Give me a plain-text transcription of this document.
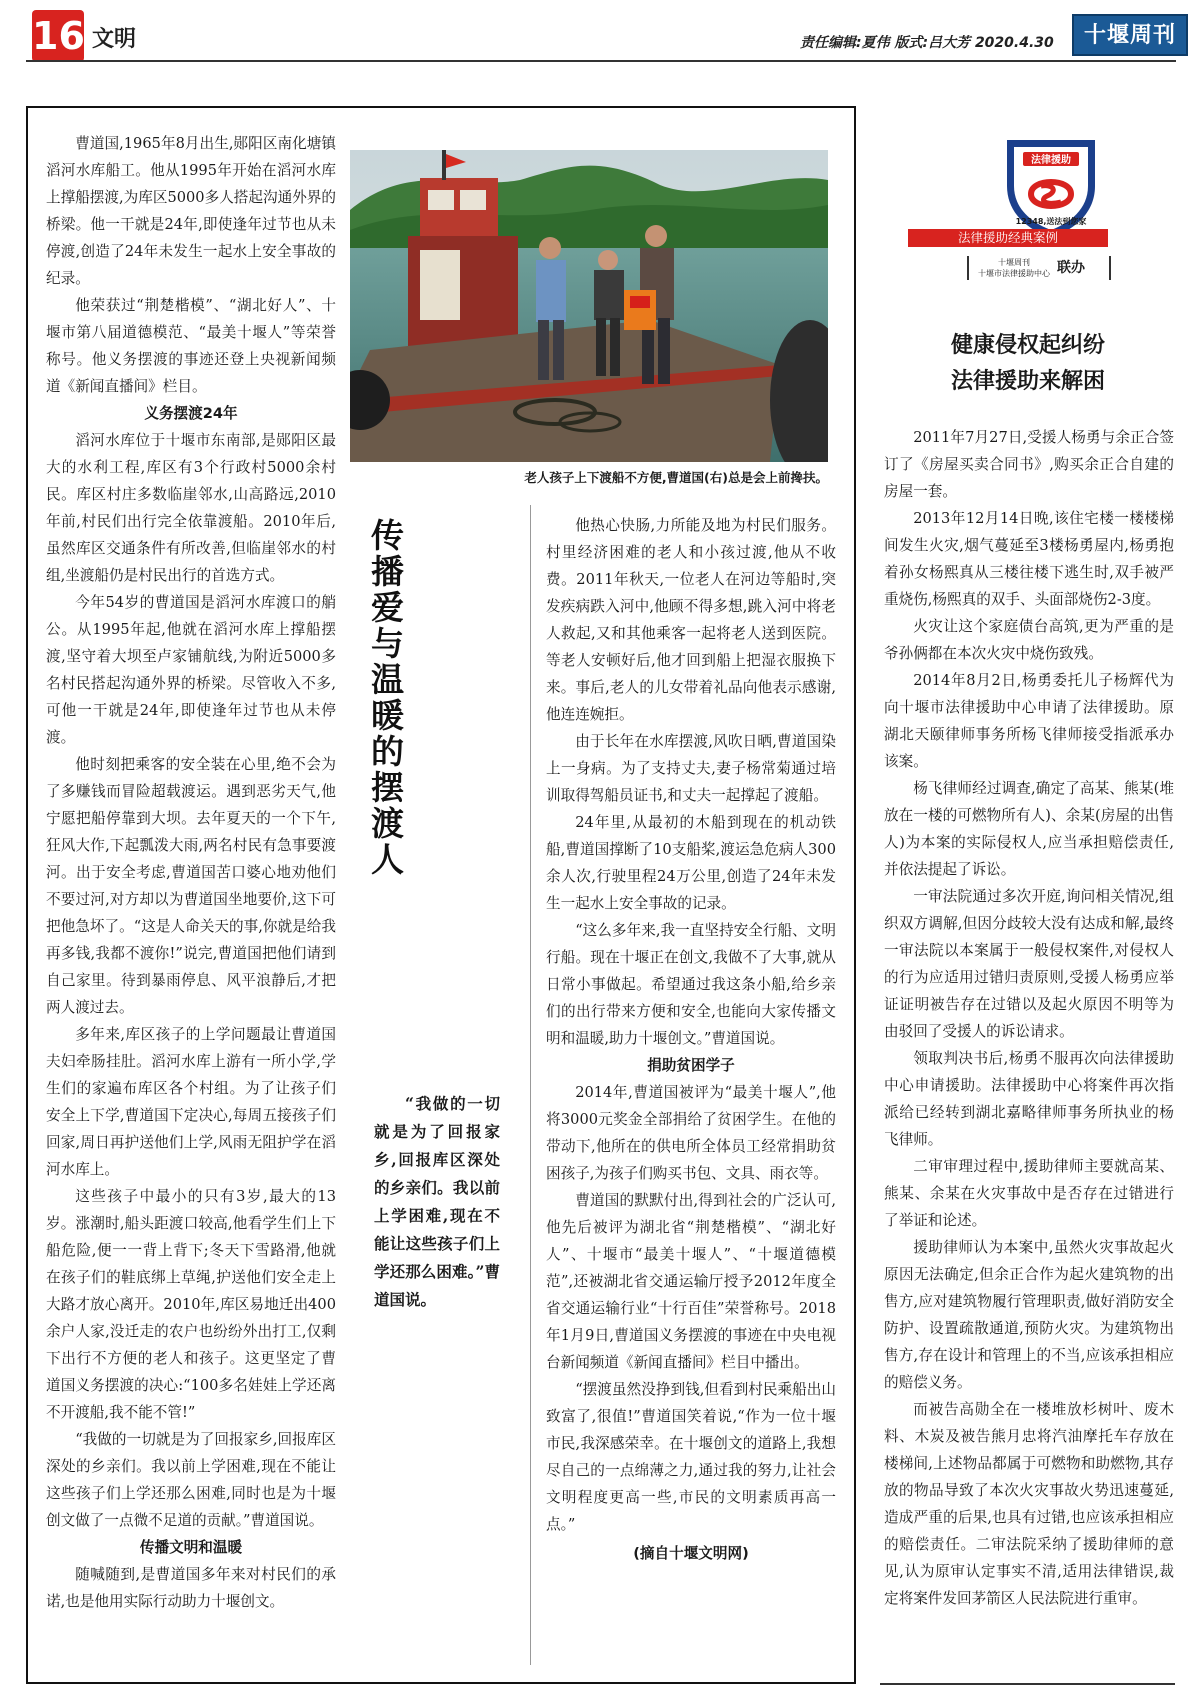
16 文明	责任编辑:夏伟 版式:吕大芳 2020.4.30	十堰周刊

曹道国,1965年8月出生,郧阳区南化塘镇滔河水库船工。他从1995年开始在滔河水库上撑船摆渡,为库区5000多人搭起沟通外界的桥梁。他一干就是24年,即使逢年过节也从未停渡,创造了24年未发生一起水上安全事故的纪录。

他荣获过“荆楚楷模”、“湖北好人”、十堰市第八届道德模范、“最美十堰人”等荣誉称号。他义务摆渡的事迹还登上央视新闻频道《新闻直播间》栏目。

义务摆渡24年

滔河水库位于十堰市东南部,是郧阳区最大的水利工程,库区有3个行政村5000余村民。库区村庄多数临崖邻水,山高路远,2010年前,村民们出行完全依靠渡船。2010年后,虽然库区交通条件有所改善,但临崖邻水的村组,坐渡船仍是村民出行的首选方式。

今年54岁的曹道国是滔河水库渡口的艄公。从1995年起,他就在滔河水库上撑船摆渡,坚守着大坝至卢家铺航线,为附近5000多名村民搭起沟通外界的桥梁。尽管收入不多,可他一干就是24年,即使逢年过节也从未停渡。

他时刻把乘客的安全装在心里,绝不会为了多赚钱而冒险超载渡运。遇到恶劣天气,他宁愿把船停靠到大坝。去年夏天的一个下午,狂风大作,下起瓢泼大雨,两名村民有急事要渡河。出于安全考虑,曹道国苦口婆心地劝他们不要过河,对方却以为曹道国坐地要价,这下可把他急坏了。“这是人命关天的事,你就是给我再多钱,我都不渡你!”说完,曹道国把他们请到自己家里。待到暴雨停息、风平浪静后,才把两人渡过去。

多年来,库区孩子的上学问题最让曹道国夫妇牵肠挂肚。滔河水库上游有一所小学,学生们的家遍布库区各个村组。为了让孩子们安全上下学,曹道国下定决心,每周五接孩子们回家,周日再护送他们上学,风雨无阻护学在滔河水库上。

这些孩子中最小的只有3岁,最大的13岁。涨潮时,船头距渡口较高,他看学生们上下船危险,便一一背上背下;冬天下雪路滑,他就在孩子们的鞋底绑上草绳,护送他们安全走上大路才放心离开。2010年,库区易地迁出400余户人家,没迁走的农户也纷纷外出打工,仅剩下出行不方便的老人和孩子。这更坚定了曹道国义务摆渡的决心:“100多名娃娃上学还离不开渡船,我不能不管!”

“我做的一切就是为了回报家乡,回报库区深处的乡亲们。我以前上学困难,现在不能让这些孩子们上学还那么困难,同时也是为十堰创文做了一点微不足道的贡献。”曹道国说。

传播文明和温暖

随喊随到,是曹道国多年来对村民们的承诺,也是他用实际行动助力十堰创文。

老人孩子上下渡船不方便,曹道国(右)总是会上前搀扶。
传播爱与温暖的摆渡人

“我做的一切就是为了回报家乡,回报库区深处的乡亲们。我以前上学困难,现在不能让这些孩子们上学还那么困难。”曹道国说。

他热心快肠,力所能及地为村民们服务。村里经济困难的老人和小孩过渡,他从不收费。2011年秋天,一位老人在河边等船时,突发疾病跌入河中,他顾不得多想,跳入河中将老人救起,又和其他乘客一起将老人送到医院。等老人安顿好后,他才回到船上把湿衣服换下来。事后,老人的儿女带着礼品向他表示感谢,他连连婉拒。

由于长年在水库摆渡,风吹日晒,曹道国染上一身病。为了支持丈夫,妻子杨常菊通过培训取得驾船员证书,和丈夫一起撑起了渡船。

24年里,从最初的木船到现在的机动铁船,曹道国撑断了10支船桨,渡运急危病人300余人次,行驶里程24万公里,创造了24年未发生一起水上安全事故的记录。

“这么多年来,我一直坚持安全行船、文明行船。现在十堰正在创文,我做不了大事,就从日常小事做起。希望通过我这条小船,给乡亲们的出行带来方便和安全,也能向大家传播文明和温暖,助力十堰创文。”曹道国说。

捐助贫困学子

2014年,曹道国被评为“最美十堰人”,他将3000元奖金全部捐给了贫困学生。在他的带动下,他所在的供电所全体员工经常捐助贫困孩子,为孩子们购买书包、文具、雨衣等。

曹道国的默默付出,得到社会的广泛认可,他先后被评为湖北省“荆楚楷模”、“湖北好人”、十堰市“最美十堰人”、“十堰道德模范”,还被湖北省交通运输厅授予2012年度全省交通运输行业“十行百佳”荣誉称号。2018年1月9日,曹道国义务摆渡的事迹在中央电视台新闻频道《新闻直播间》栏目中播出。

“摆渡虽然没挣到钱,但看到村民乘船出山致富了,很值!”曹道国笑着说,“作为一位十堰市民,我深感荣幸。在十堰创文的道路上,我想尽自己的一点绵薄之力,通过我的努力,让社会文明程度更高一些,市民的文明素质再高一点。”

(摘自十堰文明网)

法律援助
12348,送法到您家
法律援助经典案例
十堰周刊
十堰市法律援助中心 联办
健康侵权起纠纷
法律援助来解困

2011年7月27日,受援人杨勇与余正合签订了《房屋买卖合同书》,购买余正合自建的房屋一套。

2013年12月14日晚,该住宅楼一楼楼梯间发生火灾,烟气蔓延至3楼杨勇屋内,杨勇抱着孙女杨熙真从三楼往楼下逃生时,双手被严重烧伤,杨熙真的双手、头面部烧伤2-3度。

火灾让这个家庭债台高筑,更为严重的是爷孙俩都在本次火灾中烧伤致残。

2014年8月2日,杨勇委托儿子杨辉代为向十堰市法律援助中心申请了法律援助。原湖北天颐律师事务所杨飞律师接受指派承办该案。

杨飞律师经过调查,确定了高某、熊某(堆放在一楼的可燃物所有人)、余某(房屋的出售人)为本案的实际侵权人,应当承担赔偿责任,并依法提起了诉讼。

一审法院通过多次开庭,询问相关情况,组织双方调解,但因分歧较大没有达成和解,最终一审法院以本案属于一般侵权案件,对侵权人的行为应适用过错归责原则,受援人杨勇应举证证明被告存在过错以及起火原因不明等为由驳回了受援人的诉讼请求。

领取判决书后,杨勇不服再次向法律援助中心申请援助。法律援助中心将案件再次指派给已经转到湖北嘉略律师事务所执业的杨飞律师。

二审审理过程中,援助律师主要就高某、熊某、余某在火灾事故中是否存在过错进行了举证和论述。

援助律师认为本案中,虽然火灾事故起火原因无法确定,但余正合作为起火建筑物的出售方,应对建筑物履行管理职责,做好消防安全防护、设置疏散通道,预防火灾。为建筑物出售方,存在设计和管理上的不当,应该承担相应的赔偿义务。

而被告高勋全在一楼堆放杉树叶、废木料、木炭及被告熊月忠将汽油摩托车存放在楼梯间,上述物品都属于可燃物和助燃物,其存放的物品导致了本次火灾事故火势迅速蔓延,造成严重的后果,也具有过错,也应该承担相应的赔偿责任。二审法院采纳了援助律师的意见,认为原审认定事实不清,适用法律错误,裁定将案件发回茅箭区人民法院进行重审。
